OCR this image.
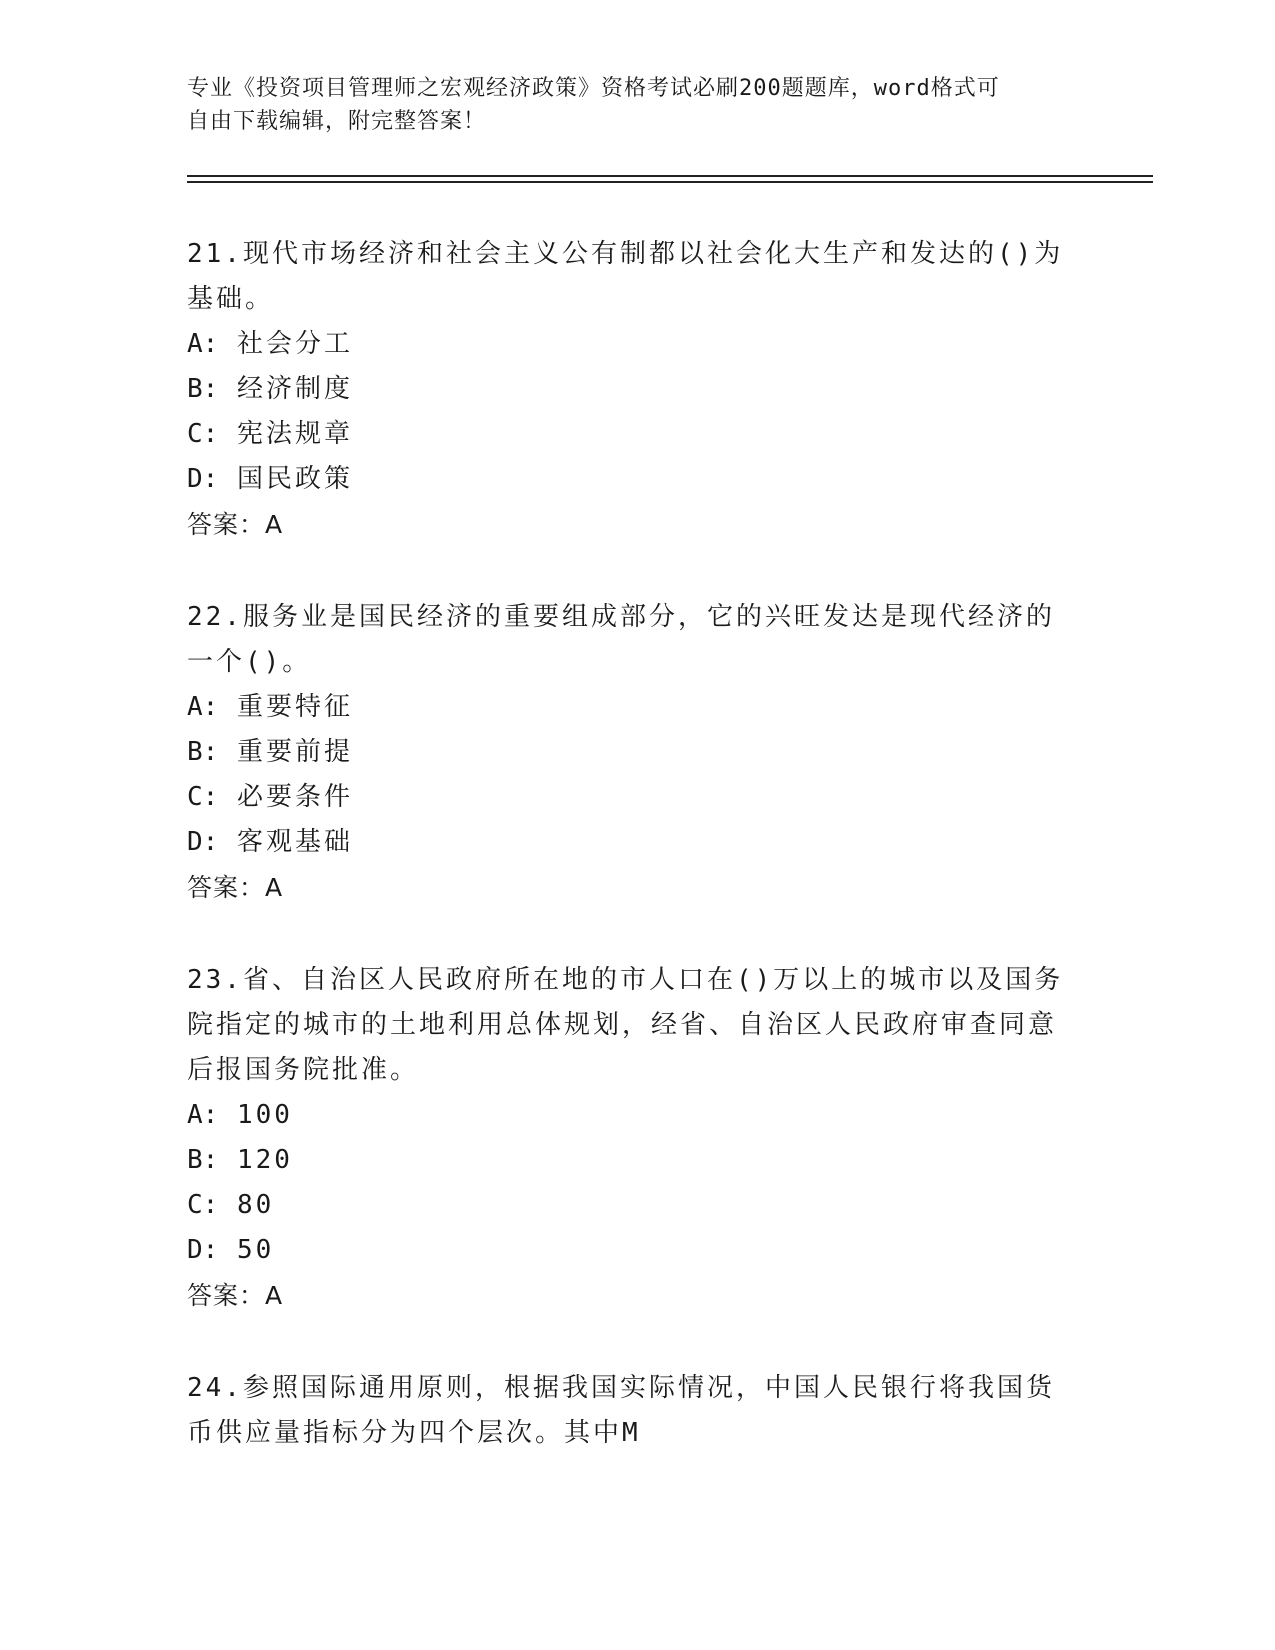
专业《投资项目管理师之宏观经济政策》资格考试必刷200题题库，word格式可
自由下载编辑，附完整答案！
21.现代市场经济和社会主义公有制都以社会化大生产和发达的()为基础。
A: 社会分工
B: 经济制度
C: 宪法规章
D: 国民政策
答案：A
22.服务业是国民经济的重要组成部分，它的兴旺发达是现代经济的一个()。
A: 重要特征
B: 重要前提
C: 必要条件
D: 客观基础
答案：A
23.省、自治区人民政府所在地的市人口在()万以上的城市以及国务院指定的城市的土地利用总体规划，经省、自治区人民政府审查同意后报国务院批准。
A: 100
B: 120
C: 80
D: 50
答案：A
24.参照国际通用原则，根据我国实际情况，中国人民银行将我国货币供应量指标分为四个层次。其中M
